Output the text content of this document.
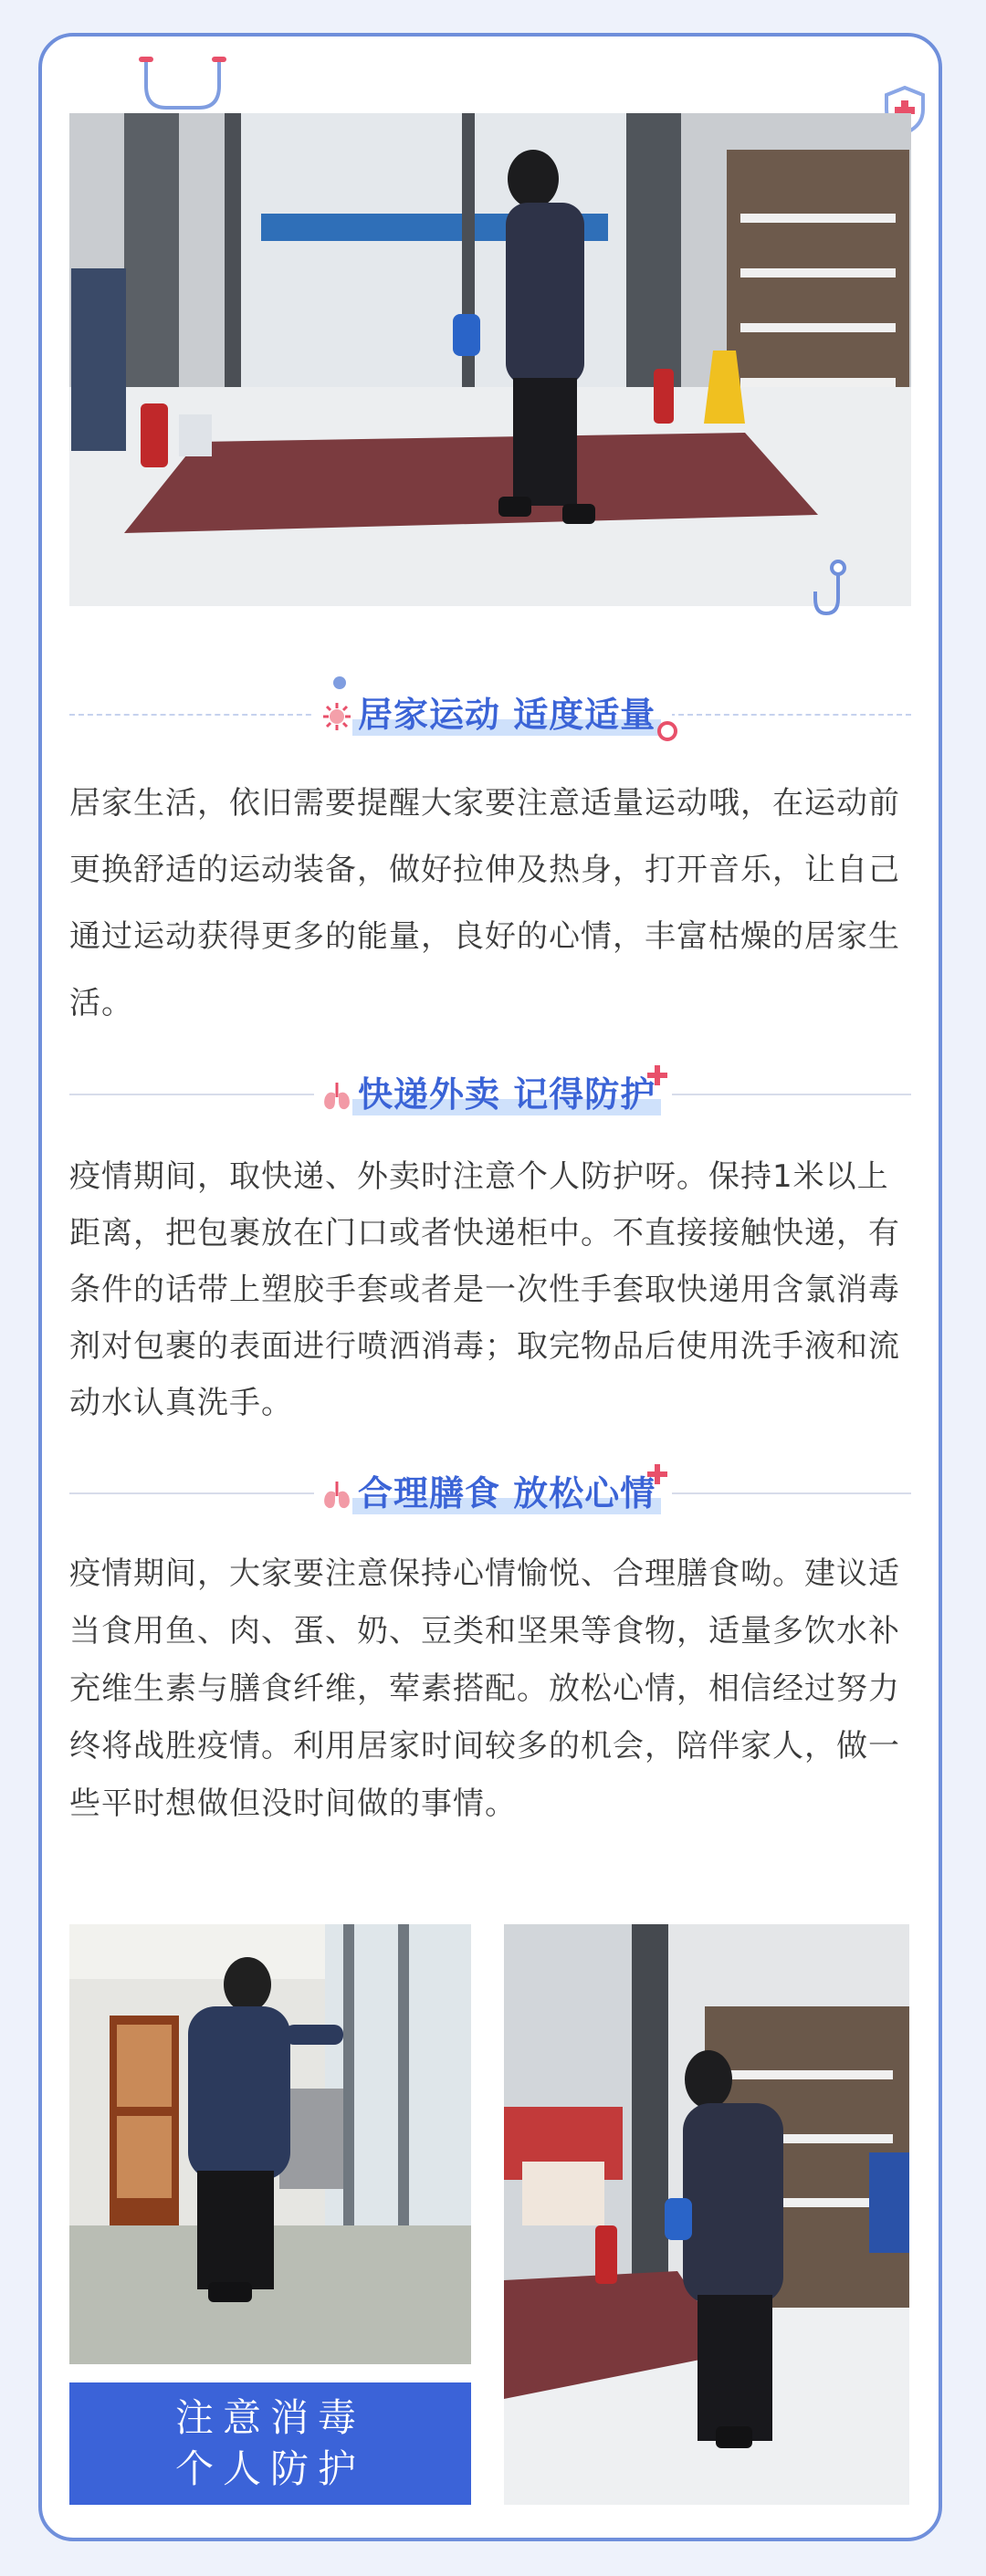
居家运动 适度适量

居家生活，依旧需要提醒大家要注意适量运动哦，在运动前更换舒适的运动装备，做好拉伸及热身，打开音乐，让自己通过运动获得更多的能量，良好的心情，丰富枯燥的居家生活。

快递外卖 记得防护

疫情期间，取快递、外卖时注意个人防护呀。保持1米以上距离，把包裹放在门口或者快递柜中。不直接接触快递，有条件的话带上塑胶手套或者是一次性手套取快递用含氯消毒剂对包裹的表面进行喷洒消毒；取完物品后使用洗手液和流动水认真洗手。

合理膳食 放松心情

疫情期间，大家要注意保持心情愉悦、合理膳食呦。建议适当食用鱼、肉、蛋、奶、豆类和坚果等食物，适量多饮水补充维生素与膳食纤维，荤素搭配。放松心情，相信经过努力终将战胜疫情。利用居家时间较多的机会，陪伴家人，做一些平时想做但没时间做的事情。

注意消毒
个人防护
